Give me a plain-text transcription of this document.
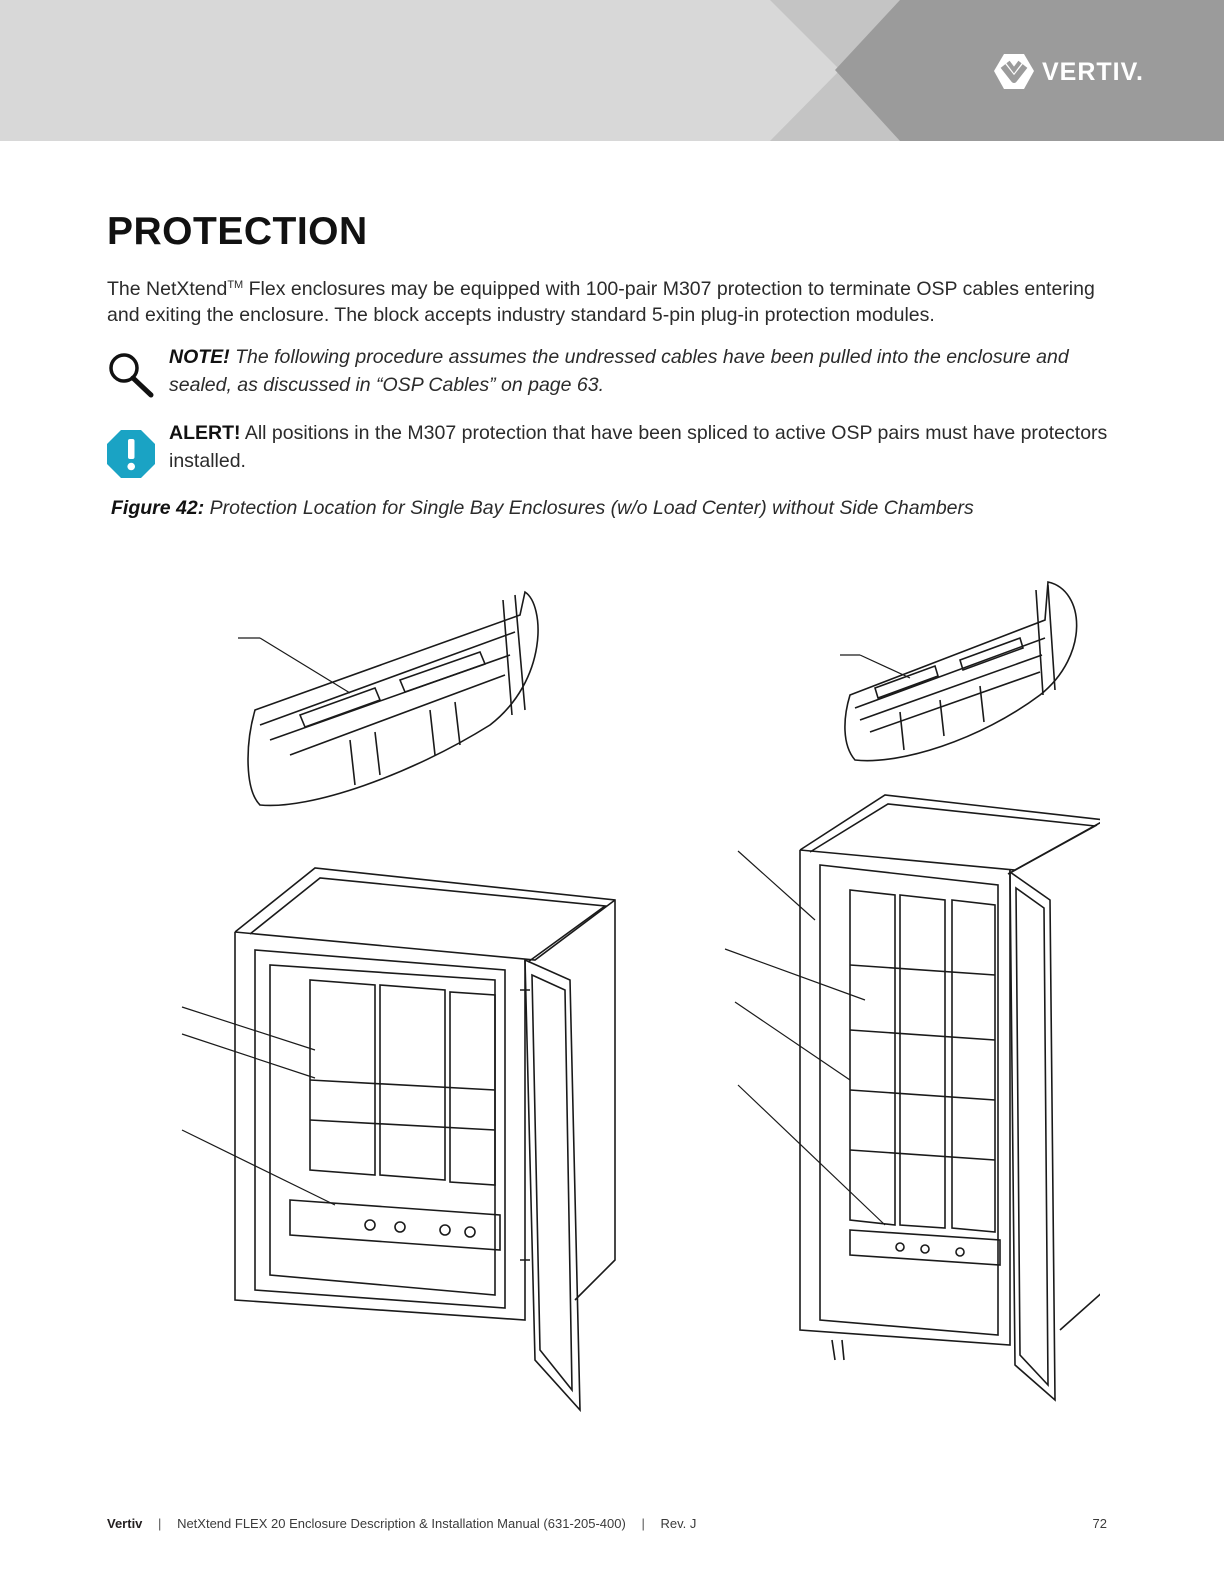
VERTIV.
PROTECTION

The NetXtend™ Flex enclosures may be equipped with 100-pair M307 protection to terminate OSP cables entering and exiting the enclosure. The block accepts industry standard 5-pin plug-in protection modules.

NOTE! The following procedure assumes the undressed cables have been pulled into the enclosure and sealed, as discussed in “OSP Cables” on page 63.

ALERT! All positions in the M307 protection that have been spliced to active OSP pairs must have protectors installed.

Figure 42: Protection Location for Single Bay Enclosures (w/o Load Center) without Side Chambers

Vertiv | NetXtend FLEX 20 Enclosure Description & Installation Manual (631-205-400) | Rev. J	72
